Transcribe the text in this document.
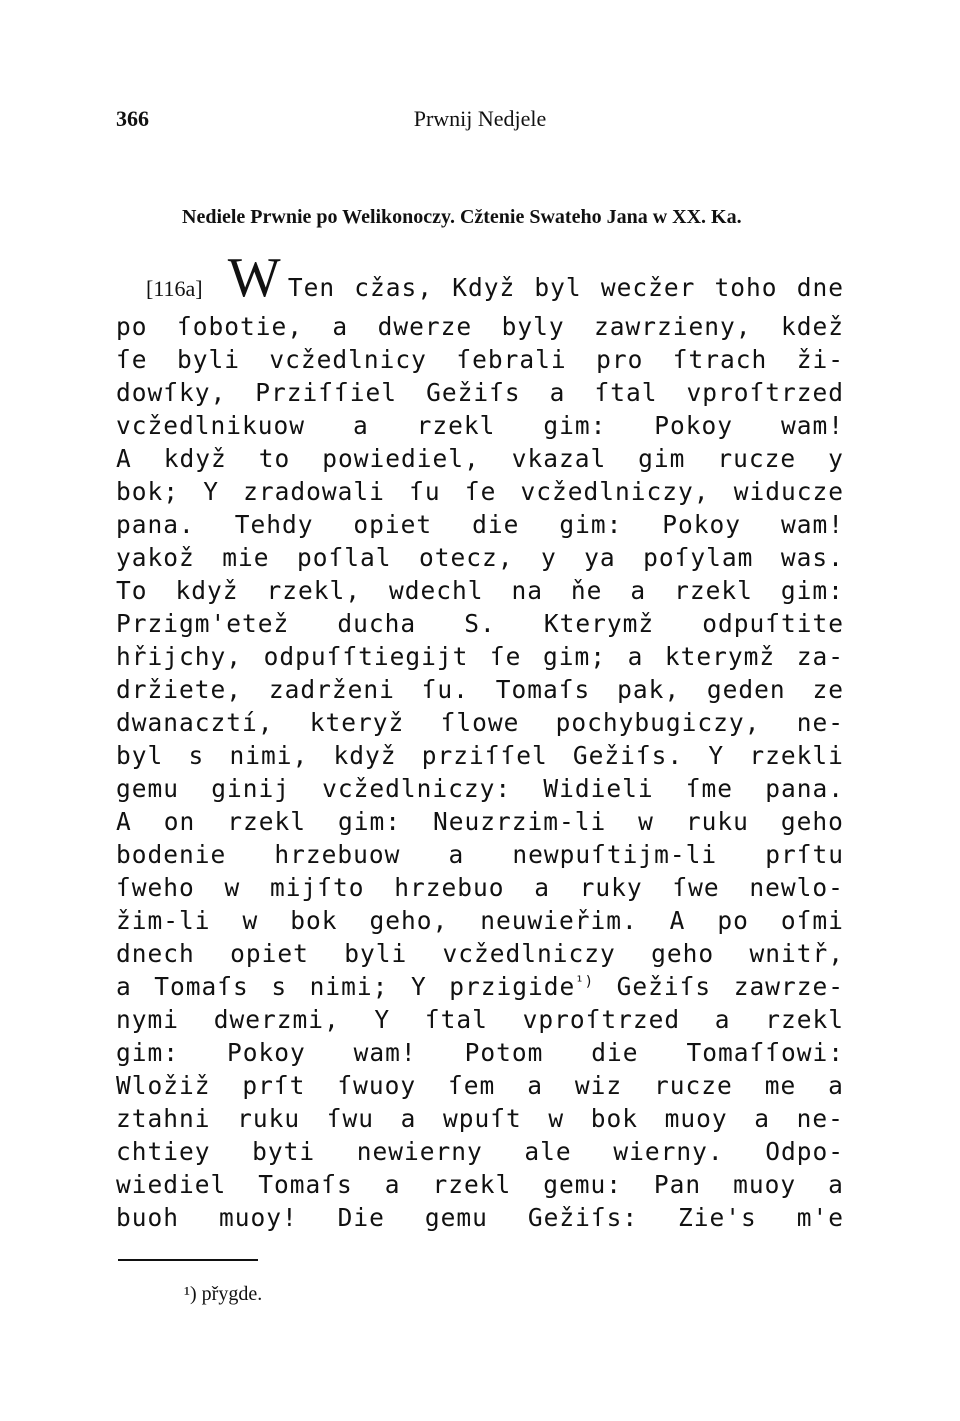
366	Prwnij Nedjele
Nediele Prwnie po Welikonoczy. Cžtenie Swateho Jana w XX. Ka.
[116a] W Ten cžas, Když byl wecžer toho dne
po ſobotie, a dwerze byly zawrzieny, kdež
ſe byli vcžedlnicy ſebrali pro ſtrach ži-
dowſky, Prziſſiel Gežiſs a ſtal vproſtrzed
vcžedlnikuow a rzekl gim: Pokoy wam!
A když to powiediel, vkazal gim rucze y
bok; Y zradowali ſu ſe vcžedlniczy, widucze
pana. Tehdy opiet die gim: Pokoy wam!
yakož mie poſlal otecz, y ya poſylam was.
To když rzekl, wdechl na ňe a rzekl gim:
Przigm'etež ducha S. Kterymž odpuſtite
hřijchy, odpuſſtiegijt ſe gim; a kterymž za-
držiete, zadrženi ſu. Tomaſs pak, geden ze
dwanacztí, kteryž ſlowe pochybugiczy, ne-
byl s nimi, když prziſſel Gežiſs. Y rzekli
gemu ginij vcžedlniczy: Widieli ſme pana.
A on rzekl gim: Neuzrzim-li w ruku geho
bodenie hrzebuow a newpuſtijm-li prſtu
ſweho w mijſto hrzebuo a ruky ſwe newlo-
žim-li w bok geho, neuwieřim. A po oſmi
dnech opiet byli vcžedlniczy geho wnitř,
a Tomaſs s nimi; Y przigide$^{^1)}$ Gežiſs zawrze-
nymi dwerzmi, Y ſtal vproſtrzed a rzekl
gim: Pokoy wam! Potom die Tomaſſowi:
Wložiž prſt ſwuoy ſem a wiz rucze me a
ztahni ruku ſwu a wpuſt w bok muoy a ne-
chtiey byti newierny ale wierny. Odpo-
wiediel Tomaſs a rzekl gemu: Pan muoy a
buoh muoy! Die gemu Gežiſs: Zie's m'e
¹) přygde.
